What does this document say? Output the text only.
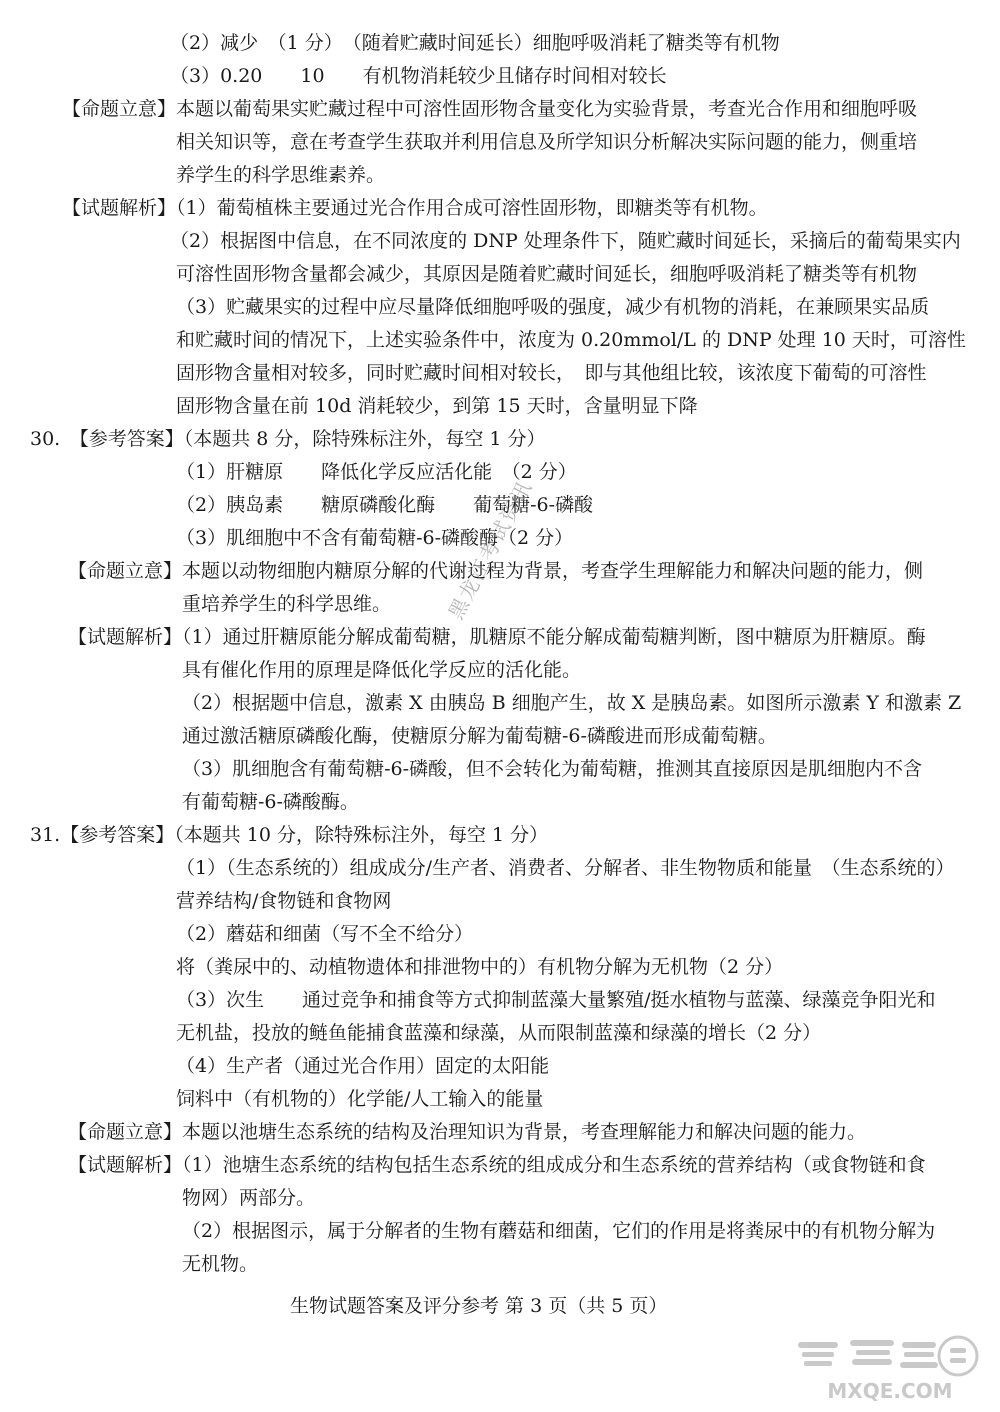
（2）减少　（1 分）　（随着贮藏时间延长）细胞呼吸消耗了糖类等有机物
（3）0.20　　10　　有机物消耗较少且储存时间相对较长
【命题立意】本题以葡萄果实贮藏过程中可溶性固形物含量变化为实验背景，考查光合作用和细胞呼吸
相关知识等，意在考查学生获取并利用信息及所学知识分析解决实际问题的能力，侧重培
养学生的科学思维素养。
【试题解析】（1）葡萄植株主要通过光合作用合成可溶性固形物，即糖类等有机物。
（2）根据图中信息，在不同浓度的 DNP 处理条件下，随贮藏时间延长，采摘后的葡萄果实内
可溶性固形物含量都会减少，其原因是随着贮藏时间延长，细胞呼吸消耗了糖类等有机物
（3）贮藏果实的过程中应尽量降低细胞呼吸的强度，减少有机物的消耗，在兼顾果实品质
和贮藏时间的情况下，上述实验条件中，浓度为 0.20mmol/L 的 DNP 处理 10 天时，可溶性
固形物含量相对较多，同时贮藏时间相对较长，　即与其他组比较，该浓度下葡萄的可溶性
固形物含量在前 10d 消耗较少，到第 15 天时，含量明显下降
30.　【参考答案】（本题共 8 分，除特殊标注外，每空 1 分）
（1）肝糖原　　降低化学反应活化能　（2 分）
（2）胰岛素　　糖原磷酸化酶　　葡萄糖-6-磷酸
（3）肌细胞中不含有葡萄糖-6-磷酸酶（2 分）
【命题立意】本题以动物细胞内糖原分解的代谢过程为背景，考查学生理解能力和解决问题的能力，侧
重培养学生的科学思维。
【试题解析】（1）通过肝糖原能分解成葡萄糖，肌糖原不能分解成葡萄糖判断，图中糖原为肝糖原。酶
具有催化作用的原理是降低化学反应的活化能。
（2）根据题中信息，激素 X 由胰岛 B 细胞产生，故 X 是胰岛素。如图所示激素 Y 和激素 Z
通过激活糖原磷酸化酶，使糖原分解为葡萄糖-6-磷酸进而形成葡萄糖。
（3）肌细胞含有葡萄糖-6-磷酸，但不会转化为葡萄糖，推测其直接原因是肌细胞内不含
有葡萄糖-6-磷酸酶。
31.【参考答案】（本题共 10 分，除特殊标注外，每空 1 分）
（1）（生态系统的）组成成分/生产者、消费者、分解者、非生物物质和能量　（生态系统的）
营养结构/食物链和食物网
（2）蘑菇和细菌（写不全不给分）
将（粪尿中的、动植物遗体和排泄物中的）有机物分解为无机物（2 分）
（3）次生　　通过竞争和捕食等方式抑制蓝藻大量繁殖/挺水植物与蓝藻、绿藻竞争阳光和
无机盐，投放的鲢鱼能捕食蓝藻和绿藻，从而限制蓝藻和绿藻的增长（2 分）
（4）生产者（通过光合作用）固定的太阳能
饲料中（有机物的）化学能/人工输入的能量
【命题立意】本题以池塘生态系统的结构及治理知识为背景，考查理解能力和解决问题的能力。
【试题解析】（1）池塘生态系统的结构包括生态系统的组成成分和生态系统的营养结构（或食物链和食
物网）两部分。
（2）根据图示，属于分解者的生物有蘑菇和细菌，它们的作用是将粪尿中的有机物分解为
无机物。
生物试题答案及评分参考 第 3 页（共 5 页）
黑龙江考试资讯
MXQE.COM
